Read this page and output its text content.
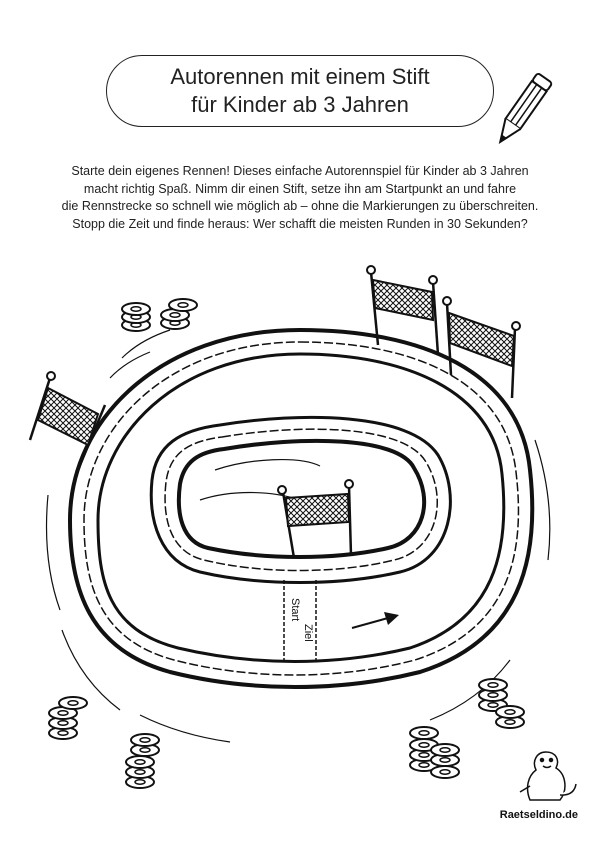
Autorennen mit einem Stift
für Kinder ab 3 Jahren
Starte dein eigenes Rennen! Dieses einfache Autorennspiel für Kinder ab 3 Jahren
macht richtig Spaß. Nimm dir einen Stift, setze ihn am Startpunkt an und fahre
die Rennstrecke so schnell wie möglich ab – ohne die Markierungen zu überschreiten.
Stopp die Zeit und finde heraus: Wer schafft die meisten Runden in 30 Sekunden?
Start
Ziel
Raetseldino.de
